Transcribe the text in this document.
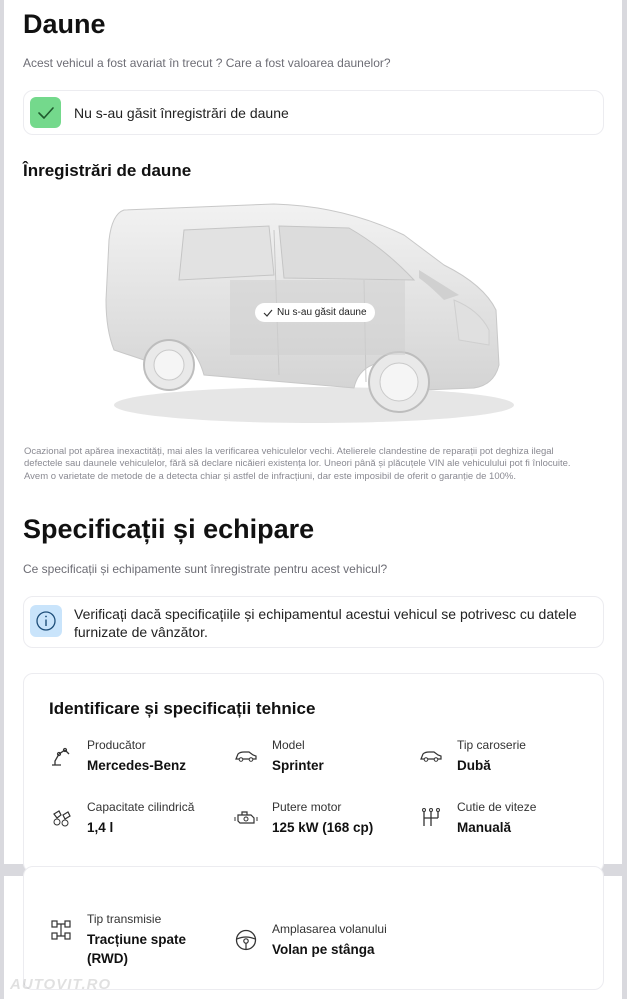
Daune
Acest vehicul a fost avariat în trecut ? Care a fost valoarea daunelor?
Nu s-au găsit înregistrări de daune
Înregistrări de daune
Nu s-au găsit daune
Ocazional pot apărea inexactități, mai ales la verificarea vehiculelor vechi. Atelierele clandestine de reparații pot deghiza ilegal
defectele sau daunele vehiculelor, fără să declare nicăieri existența lor. Uneori până și plăcuțele VIN ale vehiculului pot fi înlocuite.
Avem o varietate de metode de a detecta chiar și astfel de infracțiuni, dar este imposibil de oferit o garanție de 100%.
Specificații și echipare
Ce specificații și echipamente sunt înregistrate pentru acest vehicul?
Verificați dacă specificațiile și echipamentul acestui vehicul se potrivesc cu datele
furnizate de vânzător.
Identificare și specificații tehnice
Producător
Mercedes-Benz
Model
Sprinter
Tip caroserie
Dubă
Capacitate cilindrică
1,4 l
Putere motor
125 kW (168 cp)
Cutie de viteze
Manuală
Tip transmisie
Tracțiune spate
(RWD)
Amplasarea volanului
Volan pe stânga
AUTOVIT.RO
